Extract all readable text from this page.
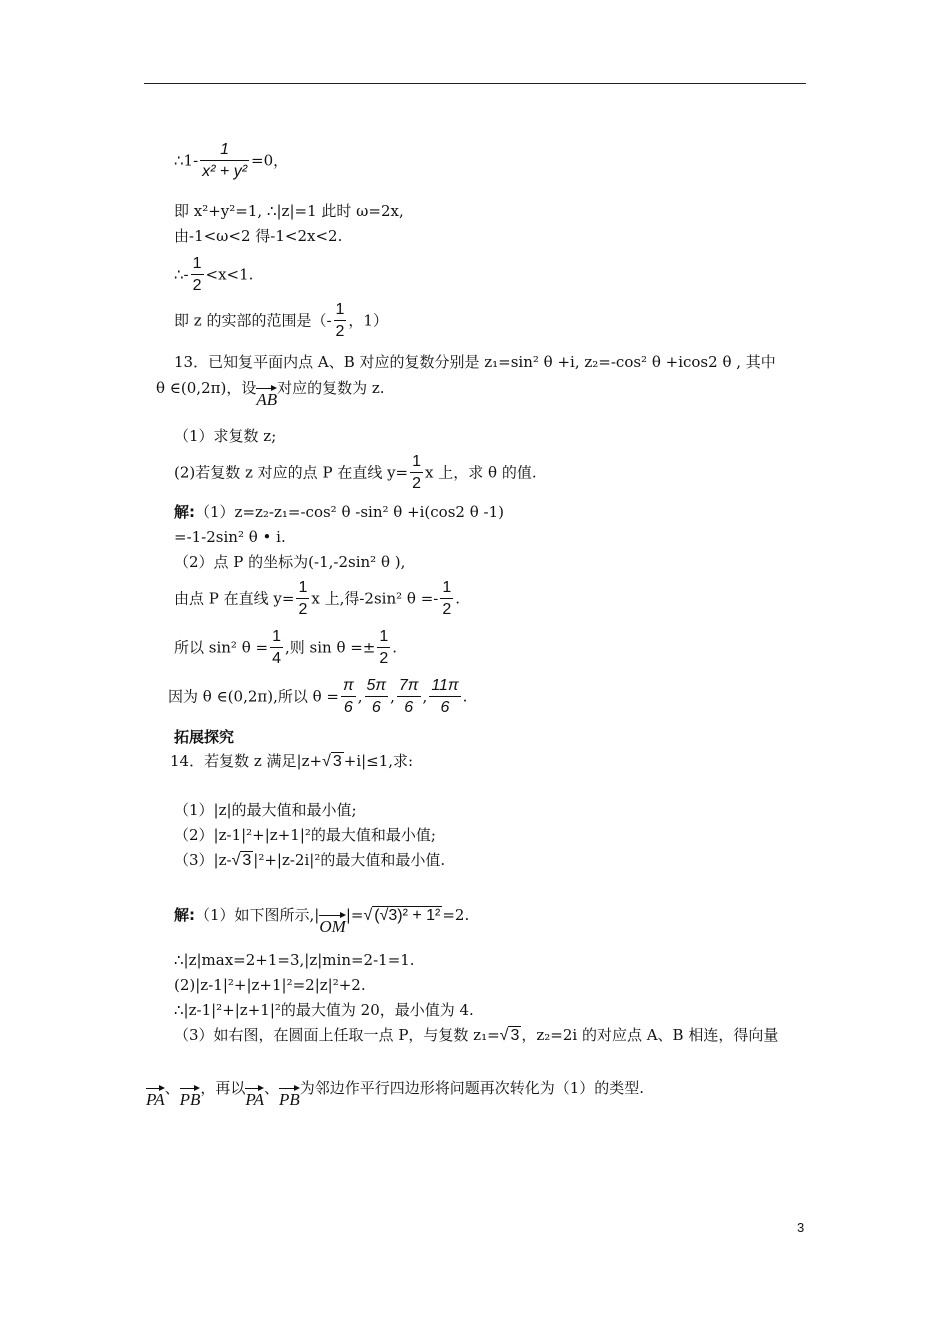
∴1- $\frac{1}{\text{x² + y²}} =0$，
即 x²+y²=1, ∴|z|=1 此时 ω=2x,
由-1<ω<2 得-1<2x<2.
∴- $\frac{1}{2} <x<1$.
即 z 的实部的范围是（- $\frac{1}{2}$ ，1）
13．已知复平面内点 A、B 对应的复数分别是 z₁=sin² θ +i, z₂=-cos² θ +icos2 θ , 其中
θ ∈(0,2π)，设
AB对应的复数为 z.
（1）求复数 z;
(2)若复数 z 对应的点 P 在直线 $y= \frac{1}{2}$ x 上，求 θ 的值.
解:（1）z=z₂-z₁=-cos² θ -sin² θ +i(cos2 θ -1)
=-1-2sin² θ • i.
（2）点 P 的坐标为(-1,-2sin² θ ),
由点 P 在直线 $y= \frac{1}{2}$ x 上,得-2sin² $\theta =- \frac{1}{2}$ .
所以 sin² $\theta = \frac{1}{4}$ ,则 $\sin \theta =\pm \frac{1}{2}$ .
因为 θ ∈(0,2π),所以 $\theta = \frac{\pi}{6}$ , $\frac{5\pi}{6}$ , $\frac{7\pi}{6}$ , $\frac{11\pi}{6}$ .
拓展探究
14．若复数 z 满足|z+√ 3 +i|≤1,求:
（1）|z|的最大值和最小值;
（2）|z-1|²+|z+1|²的最大值和最小值;
（3）|z-√ 3 |²+|z-2i|²的最大值和最小值.
解:（1）如下图所示,|
OM|=√ (√3)² + 1² =2.
∴|z|max=2+1=3,|z|min=2-1=1.
(2)|z-1|²+|z+1|²=2|z|²+2.
∴|z-1|²+|z+1|²的最大值为 20，最小值为 4.
（3）如右图，在圆面上任取一点 P，与复数 z₁=√ 3 ，z₂=2i 的对应点 A、B 相连，得向量
PA、
PB，再以
PA、
PB为邻边作平行四边形将问题再次转化为（1）的类型.
3
